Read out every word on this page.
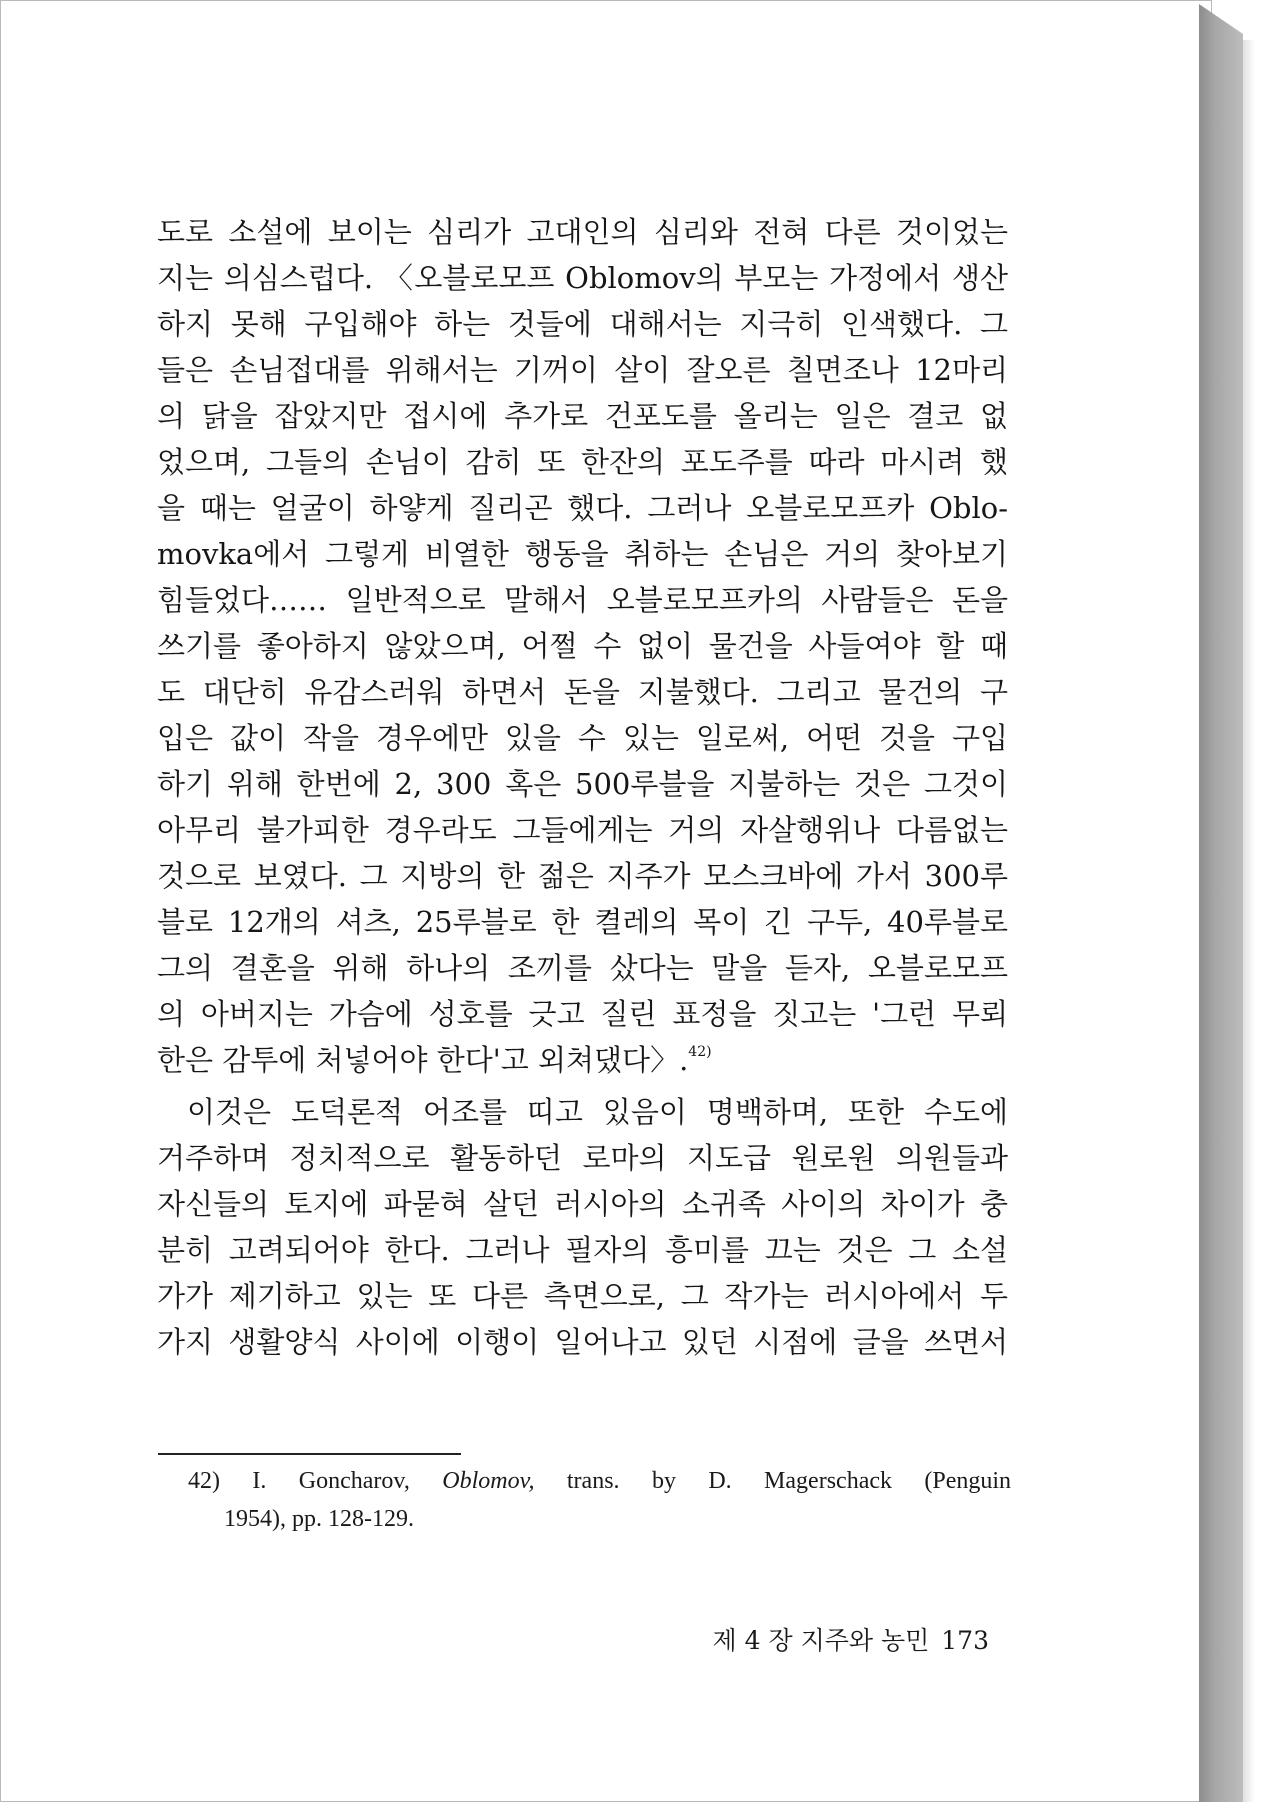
도로 소설에 보이는 심리가 고대인의 심리와 전혀 다른 것이었는
지는 의심스럽다. 〈오블로모프 Oblomov의 부모는 가정에서 생산
하지 못해 구입해야 하는 것들에 대해서는 지극히 인색했다. 그
들은 손님접대를 위해서는 기꺼이 살이 잘오른 칠면조나 12마리
의 닭을 잡았지만 접시에 추가로 건포도를 올리는 일은 결코 없
었으며, 그들의 손님이 감히 또 한잔의 포도주를 따라 마시려 했
을 때는 얼굴이 하얗게 질리곤 했다. 그러나 오블로모프카 Oblo-
movka에서 그렇게 비열한 행동을 취하는 손님은 거의 찾아보기
힘들었다…… 일반적으로 말해서 오블로모프카의 사람들은 돈을
쓰기를 좋아하지 않았으며, 어쩔 수 없이 물건을 사들여야 할 때
도 대단히 유감스러워 하면서 돈을 지불했다. 그리고 물건의 구
입은 값이 작을 경우에만 있을 수 있는 일로써, 어떤 것을 구입
하기 위해 한번에 2, 300 혹은 500루블을 지불하는 것은 그것이
아무리 불가피한 경우라도 그들에게는 거의 자살행위나 다름없는
것으로 보였다. 그 지방의 한 젊은 지주가 모스크바에 가서 300루
블로 12개의 셔츠, 25루블로 한 켤레의 목이 긴 구두, 40루블로
그의 결혼을 위해 하나의 조끼를 샀다는 말을 듣자, 오블로모프
의 아버지는 가슴에 성호를 긋고 질린 표정을 짓고는 '그런 무뢰
한은 감투에 처넣어야 한다'고 외쳐댔다〉.$^{42)}$
이것은 도덕론적 어조를 띠고 있음이 명백하며, 또한 수도에
거주하며 정치적으로 활동하던 로마의 지도급 원로원 의원들과
자신들의 토지에 파묻혀 살던 러시아의 소귀족 사이의 차이가 충
분히 고려되어야 한다. 그러나 필자의 흥미를 끄는 것은 그 소설
가가 제기하고 있는 또 다른 측면으로, 그 작가는 러시아에서 두
가지 생활양식 사이에 이행이 일어나고 있던 시점에 글을 쓰면서
42) I. Goncharov, Oblomov, trans. by D. Magerschack (Penguin
1954), pp. 128-129.
제 4 장 지주와 농민 173
